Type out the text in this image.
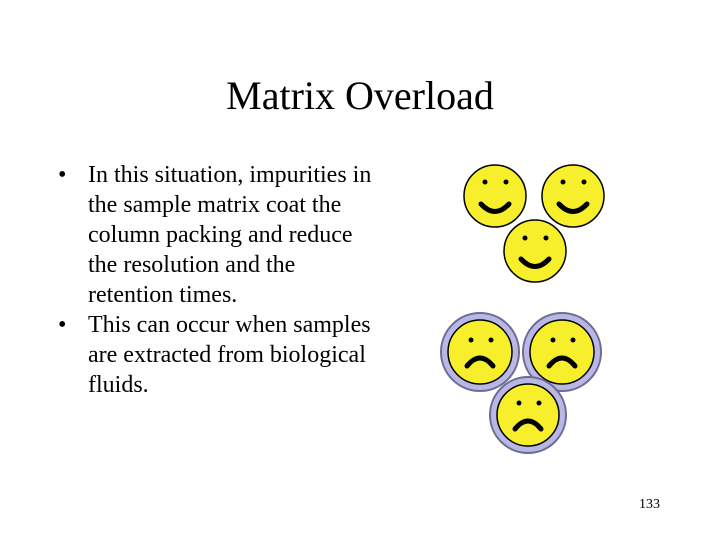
Matrix Overload
• In this situation, impurities in the sample matrix coat the column packing and reduce the resolution and the retention times.
• This can occur when samples are extracted from biological fluids.
133
